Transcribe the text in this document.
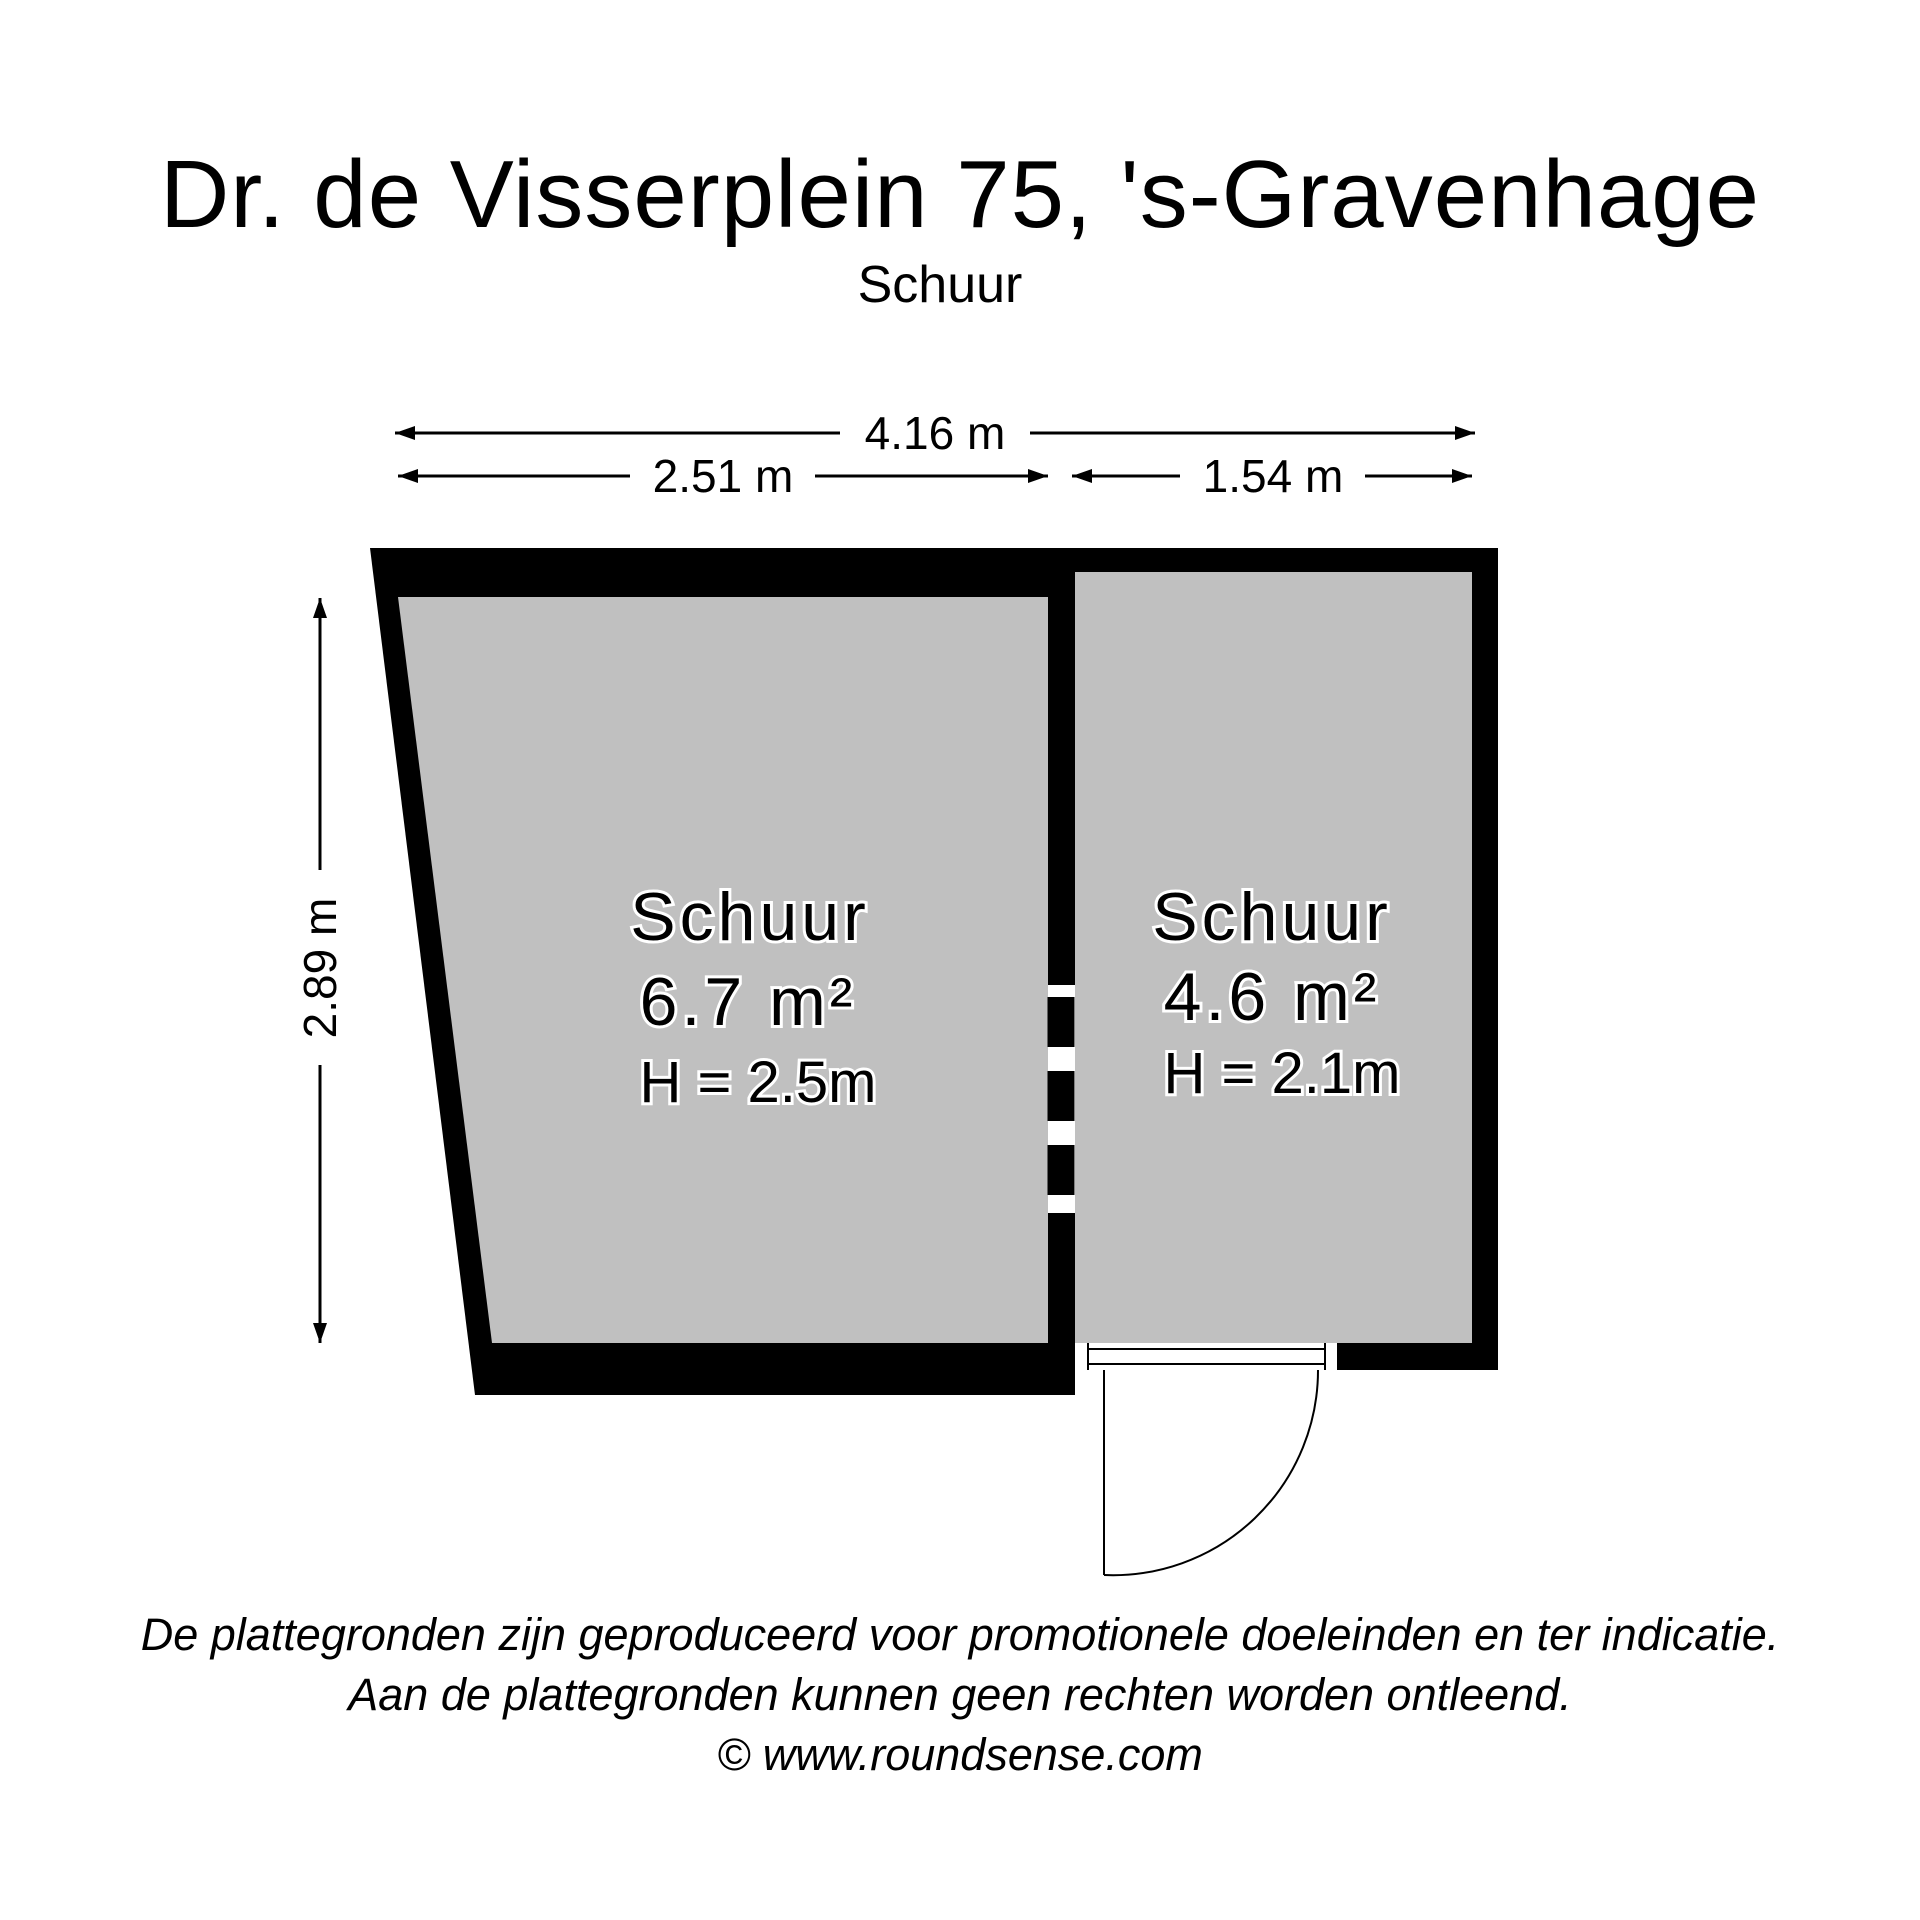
Dr. de Visserplein 75, 's-Gravenhage
Schuur
4.16 m
2.51 m	1.54 m
2.89 m	Schuur
6.7 m²
H = 2.5m
Schuur
4.6 m²
H = 2.1m
De plattegronden zijn geproduceerd voor promotionele doeleinden en ter indicatie.
Aan de plattegronden kunnen geen rechten worden ontleend.
© www.roundsense.com
